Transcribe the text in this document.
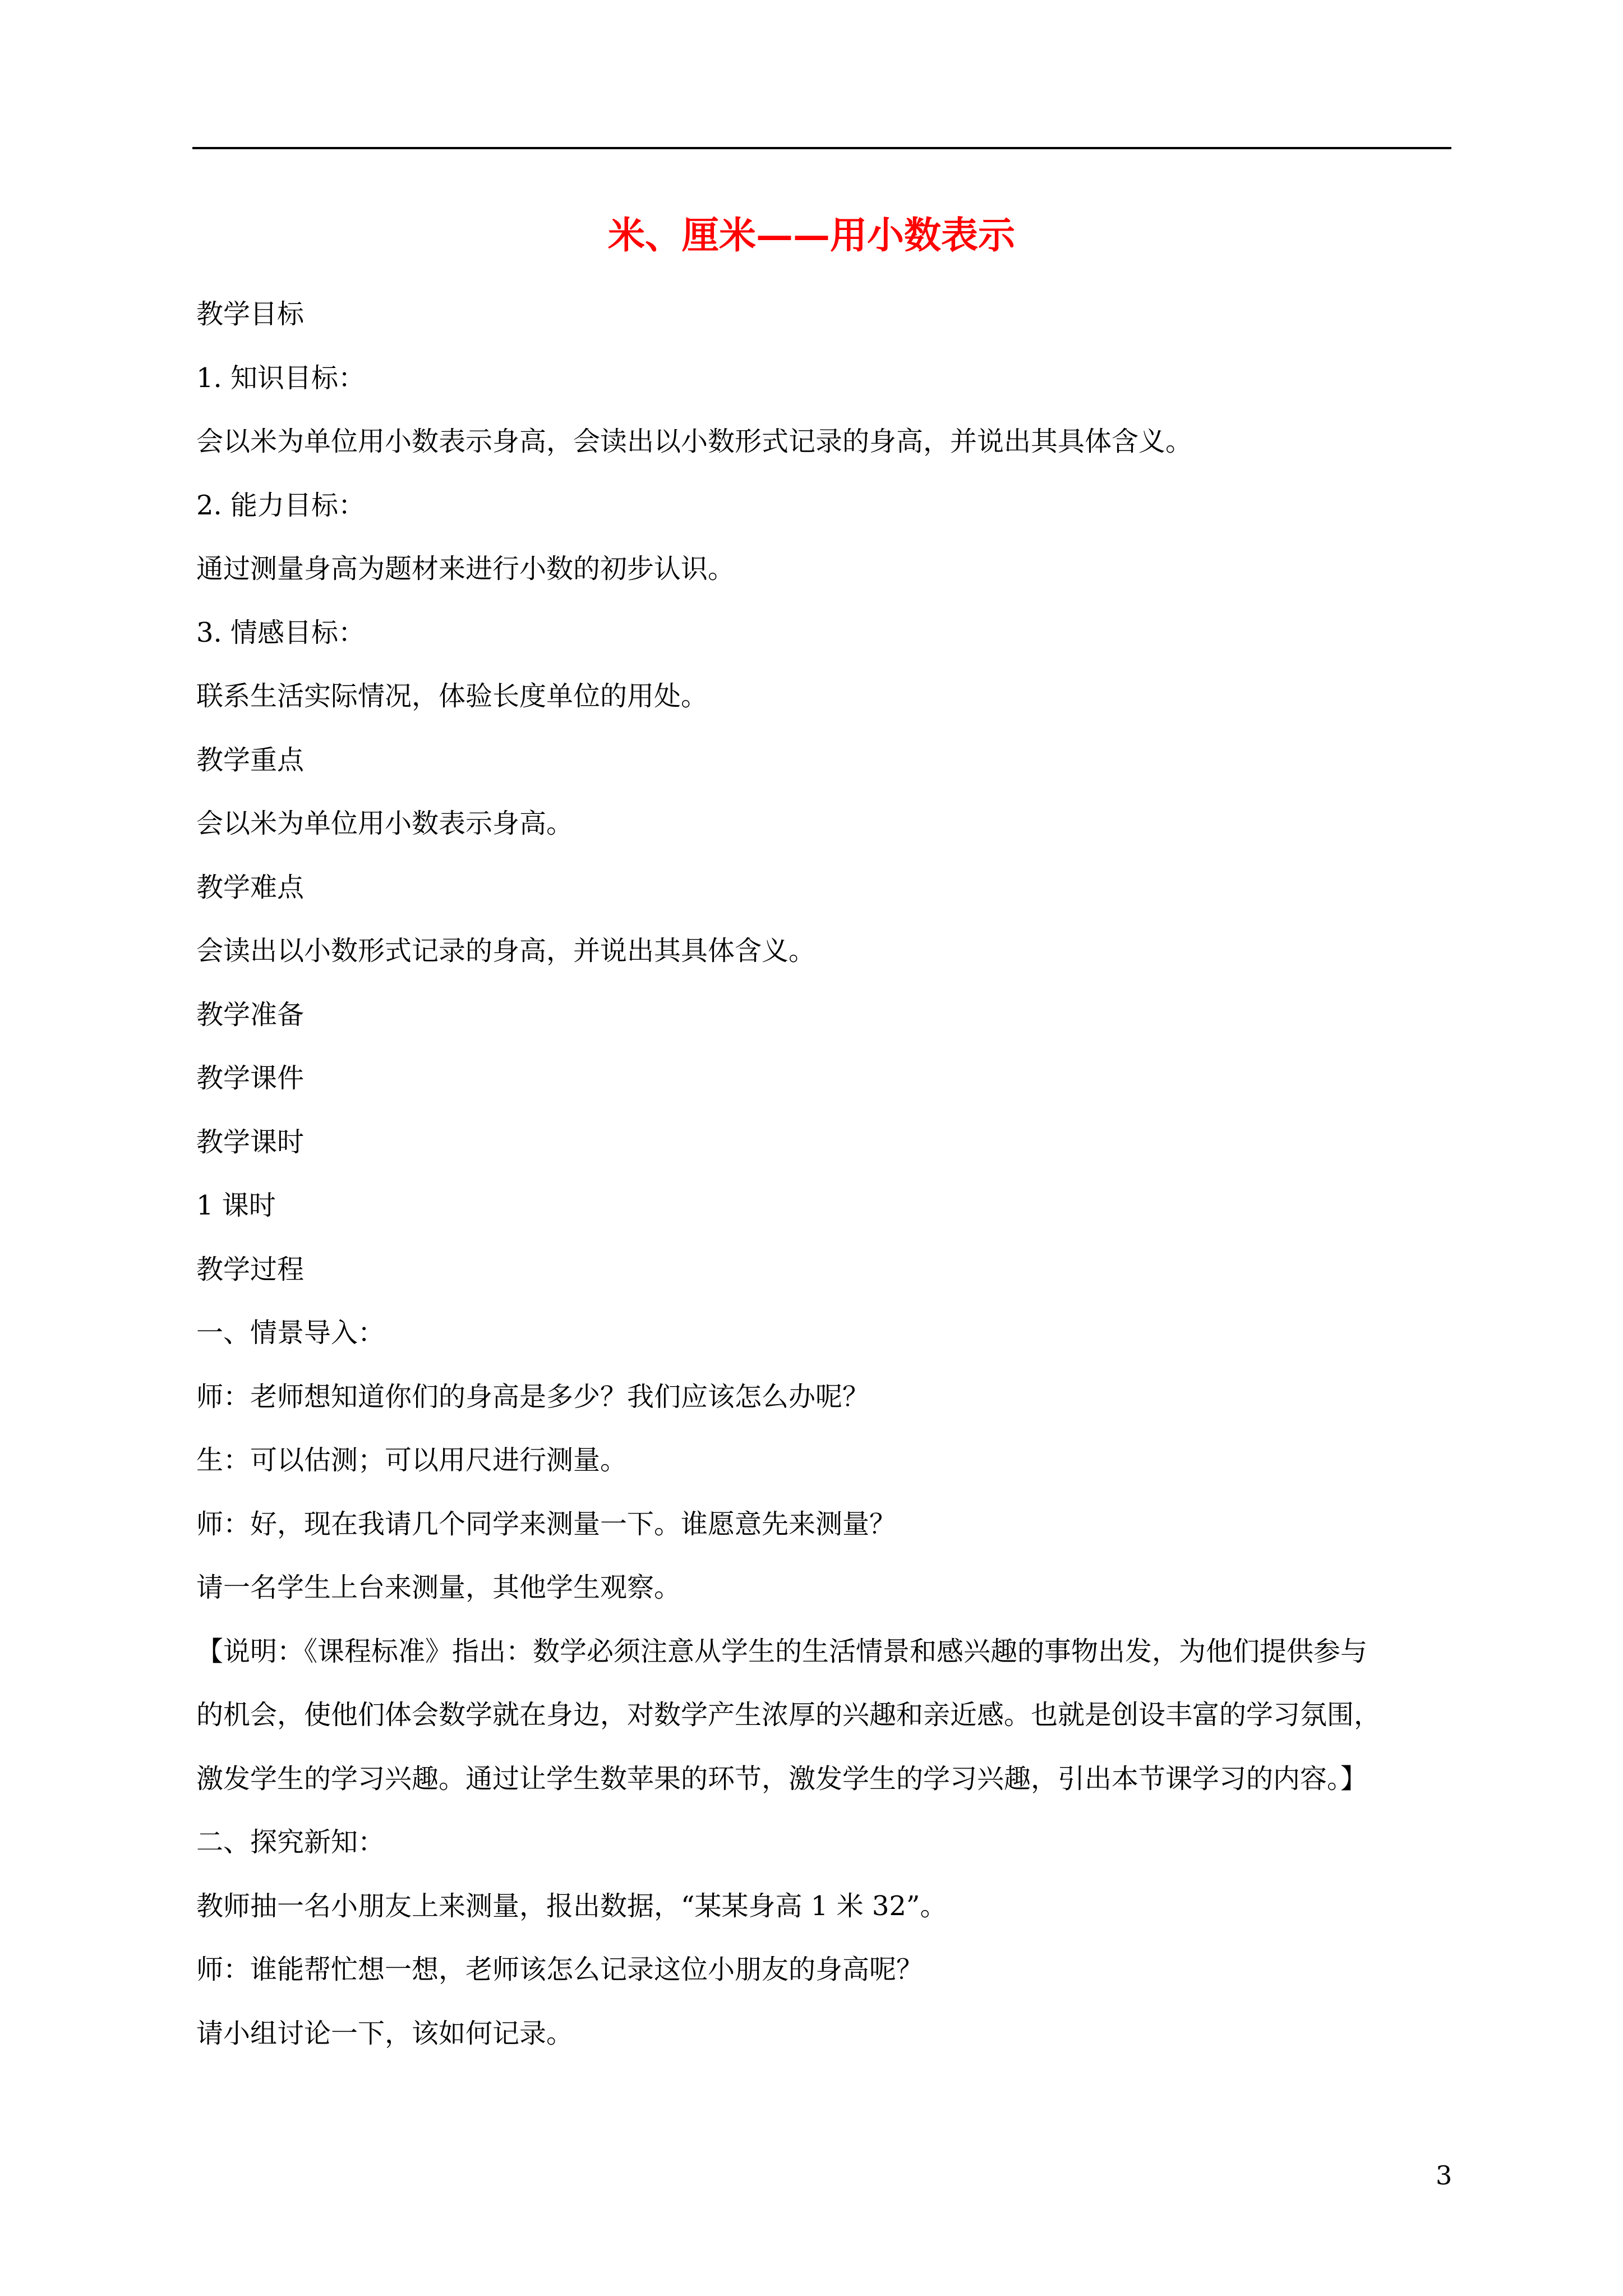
米、厘米——用小数表示
教学目标
1. 知识目标：
会以米为单位用小数表示身高，会读出以小数形式记录的身高，并说出其具体含义。
2. 能力目标：
通过测量身高为题材来进行小数的初步认识。
3. 情感目标：
联系生活实际情况，体验长度单位的用处。
教学重点
会以米为单位用小数表示身高。
教学难点
会读出以小数形式记录的身高，并说出其具体含义。
教学准备
教学课件
教学课时
1 课时
教学过程
一、情景导入：
师：老师想知道你们的身高是多少？我们应该怎么办呢？
生：可以估测；可以用尺进行测量。
师：好，现在我请几个同学来测量一下。谁愿意先来测量？
请一名学生上台来测量，其他学生观察。
【说明：《课程标准》指出：数学必须注意从学生的生活情景和感兴趣的事物出发，为他们提供参与
的机会，使他们体会数学就在身边，对数学产生浓厚的兴趣和亲近感。也就是创设丰富的学习氛围，
激发学生的学习兴趣。通过让学生数苹果的环节，激发学生的学习兴趣，引出本节课学习的内容。】
二、探究新知：
教师抽一名小朋友上来测量，报出数据，“某某身高 1 米 32”。
师：谁能帮忙想一想，老师该怎么记录这位小朋友的身高呢？
请小组讨论一下，该如何记录。
3
